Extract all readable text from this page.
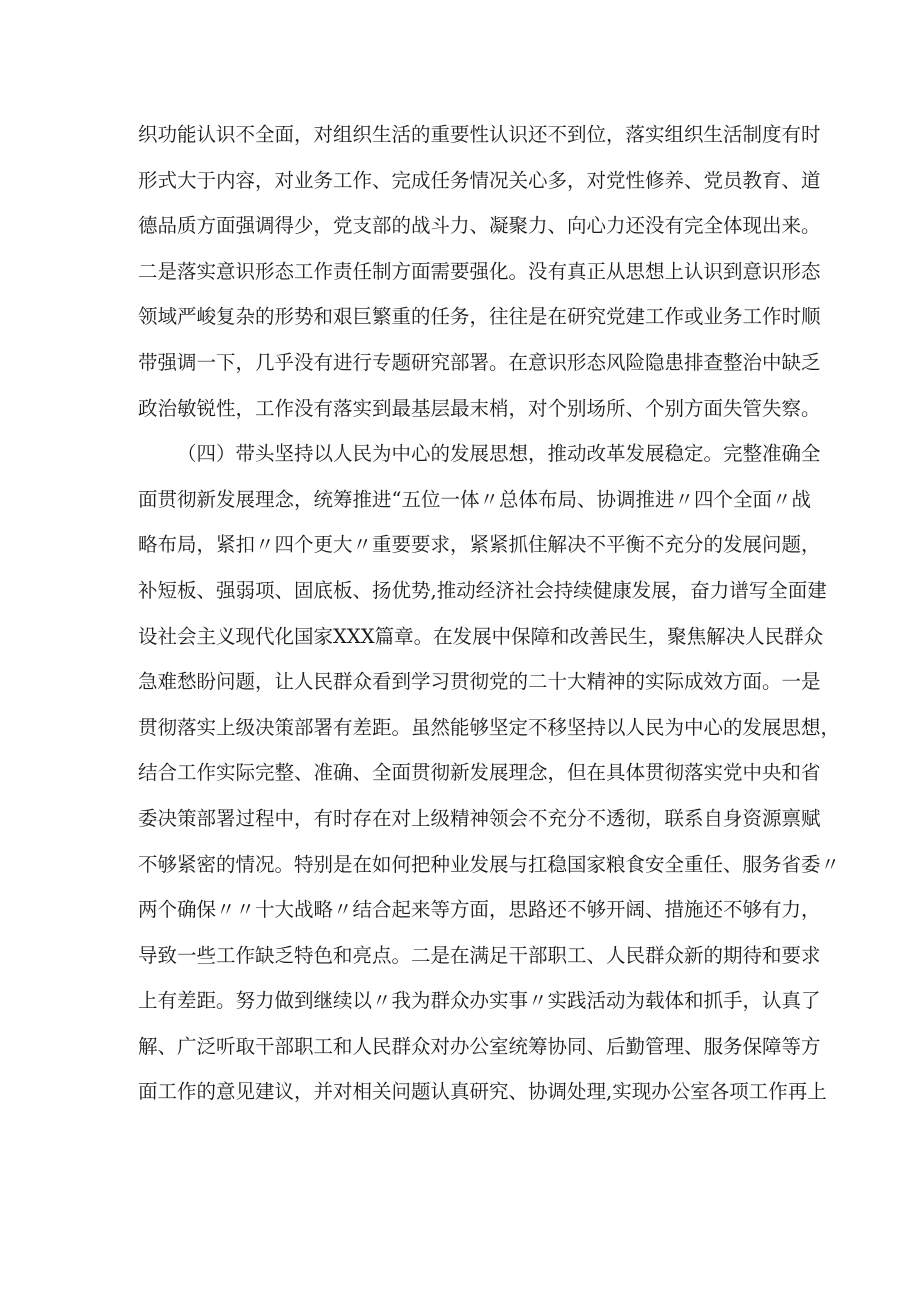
织功能认识不全面，对组织生活的重要性认识还不到位，落实组织生活制度有时
形式大于内容，对业务工作、完成任务情况关心多，对党性修养、党员教育、道
德品质方面强调得少，党支部的战斗力、凝聚力、向心力还没有完全体现出来。
二是落实意识形态工作责任制方面需要强化。没有真正从思想上认识到意识形态
领域严峻复杂的形势和艰巨繁重的任务，往往是在研究党建工作或业务工作时顺
带强调一下，几乎没有进行专题研究部署。在意识形态风险隐患排查整治中缺乏
政治敏锐性，工作没有落实到最基层最末梢，对个别场所、个别方面失管失察。
（四）带头坚持以人民为中心的发展思想，推动改革发展稳定。完整准确全
面贯彻新发展理念，统筹推进“五位一体〃总体布局、协调推进〃四个全面〃战
略布局，紧扣〃四个更大〃重要要求，紧紧抓住解决不平衡不充分的发展问题，
补短板、强弱项、固底板、扬优势,推动经济社会持续健康发展，奋力谱写全面建
设社会主义现代化国家XXX篇章。在发展中保障和改善民生，聚焦解决人民群众
急难愁盼问题，让人民群众看到学习贯彻党的二十大精神的实际成效方面。一是
贯彻落实上级决策部署有差距。虽然能够坚定不移坚持以人民为中心的发展思想，
结合工作实际完整、准确、全面贯彻新发展理念，但在具体贯彻落实党中央和省
委决策部署过程中，有时存在对上级精神领会不充分不透彻，联系自身资源禀赋
不够紧密的情况。特别是在如何把种业发展与扛稳国家粮食安全重任、服务省委〃
两个确保〃〃十大战略〃结合起来等方面，思路还不够开阔、措施还不够有力，
导致一些工作缺乏特色和亮点。二是在满足干部职工、人民群众新的期待和要求
上有差距。努力做到继续以〃我为群众办实事〃实践活动为载体和抓手，认真了
解、广泛听取干部职工和人民群众对办公室统筹协同、后勤管理、服务保障等方
面工作的意见建议，并对相关问题认真研究、协调处理,实现办公室各项工作再上
